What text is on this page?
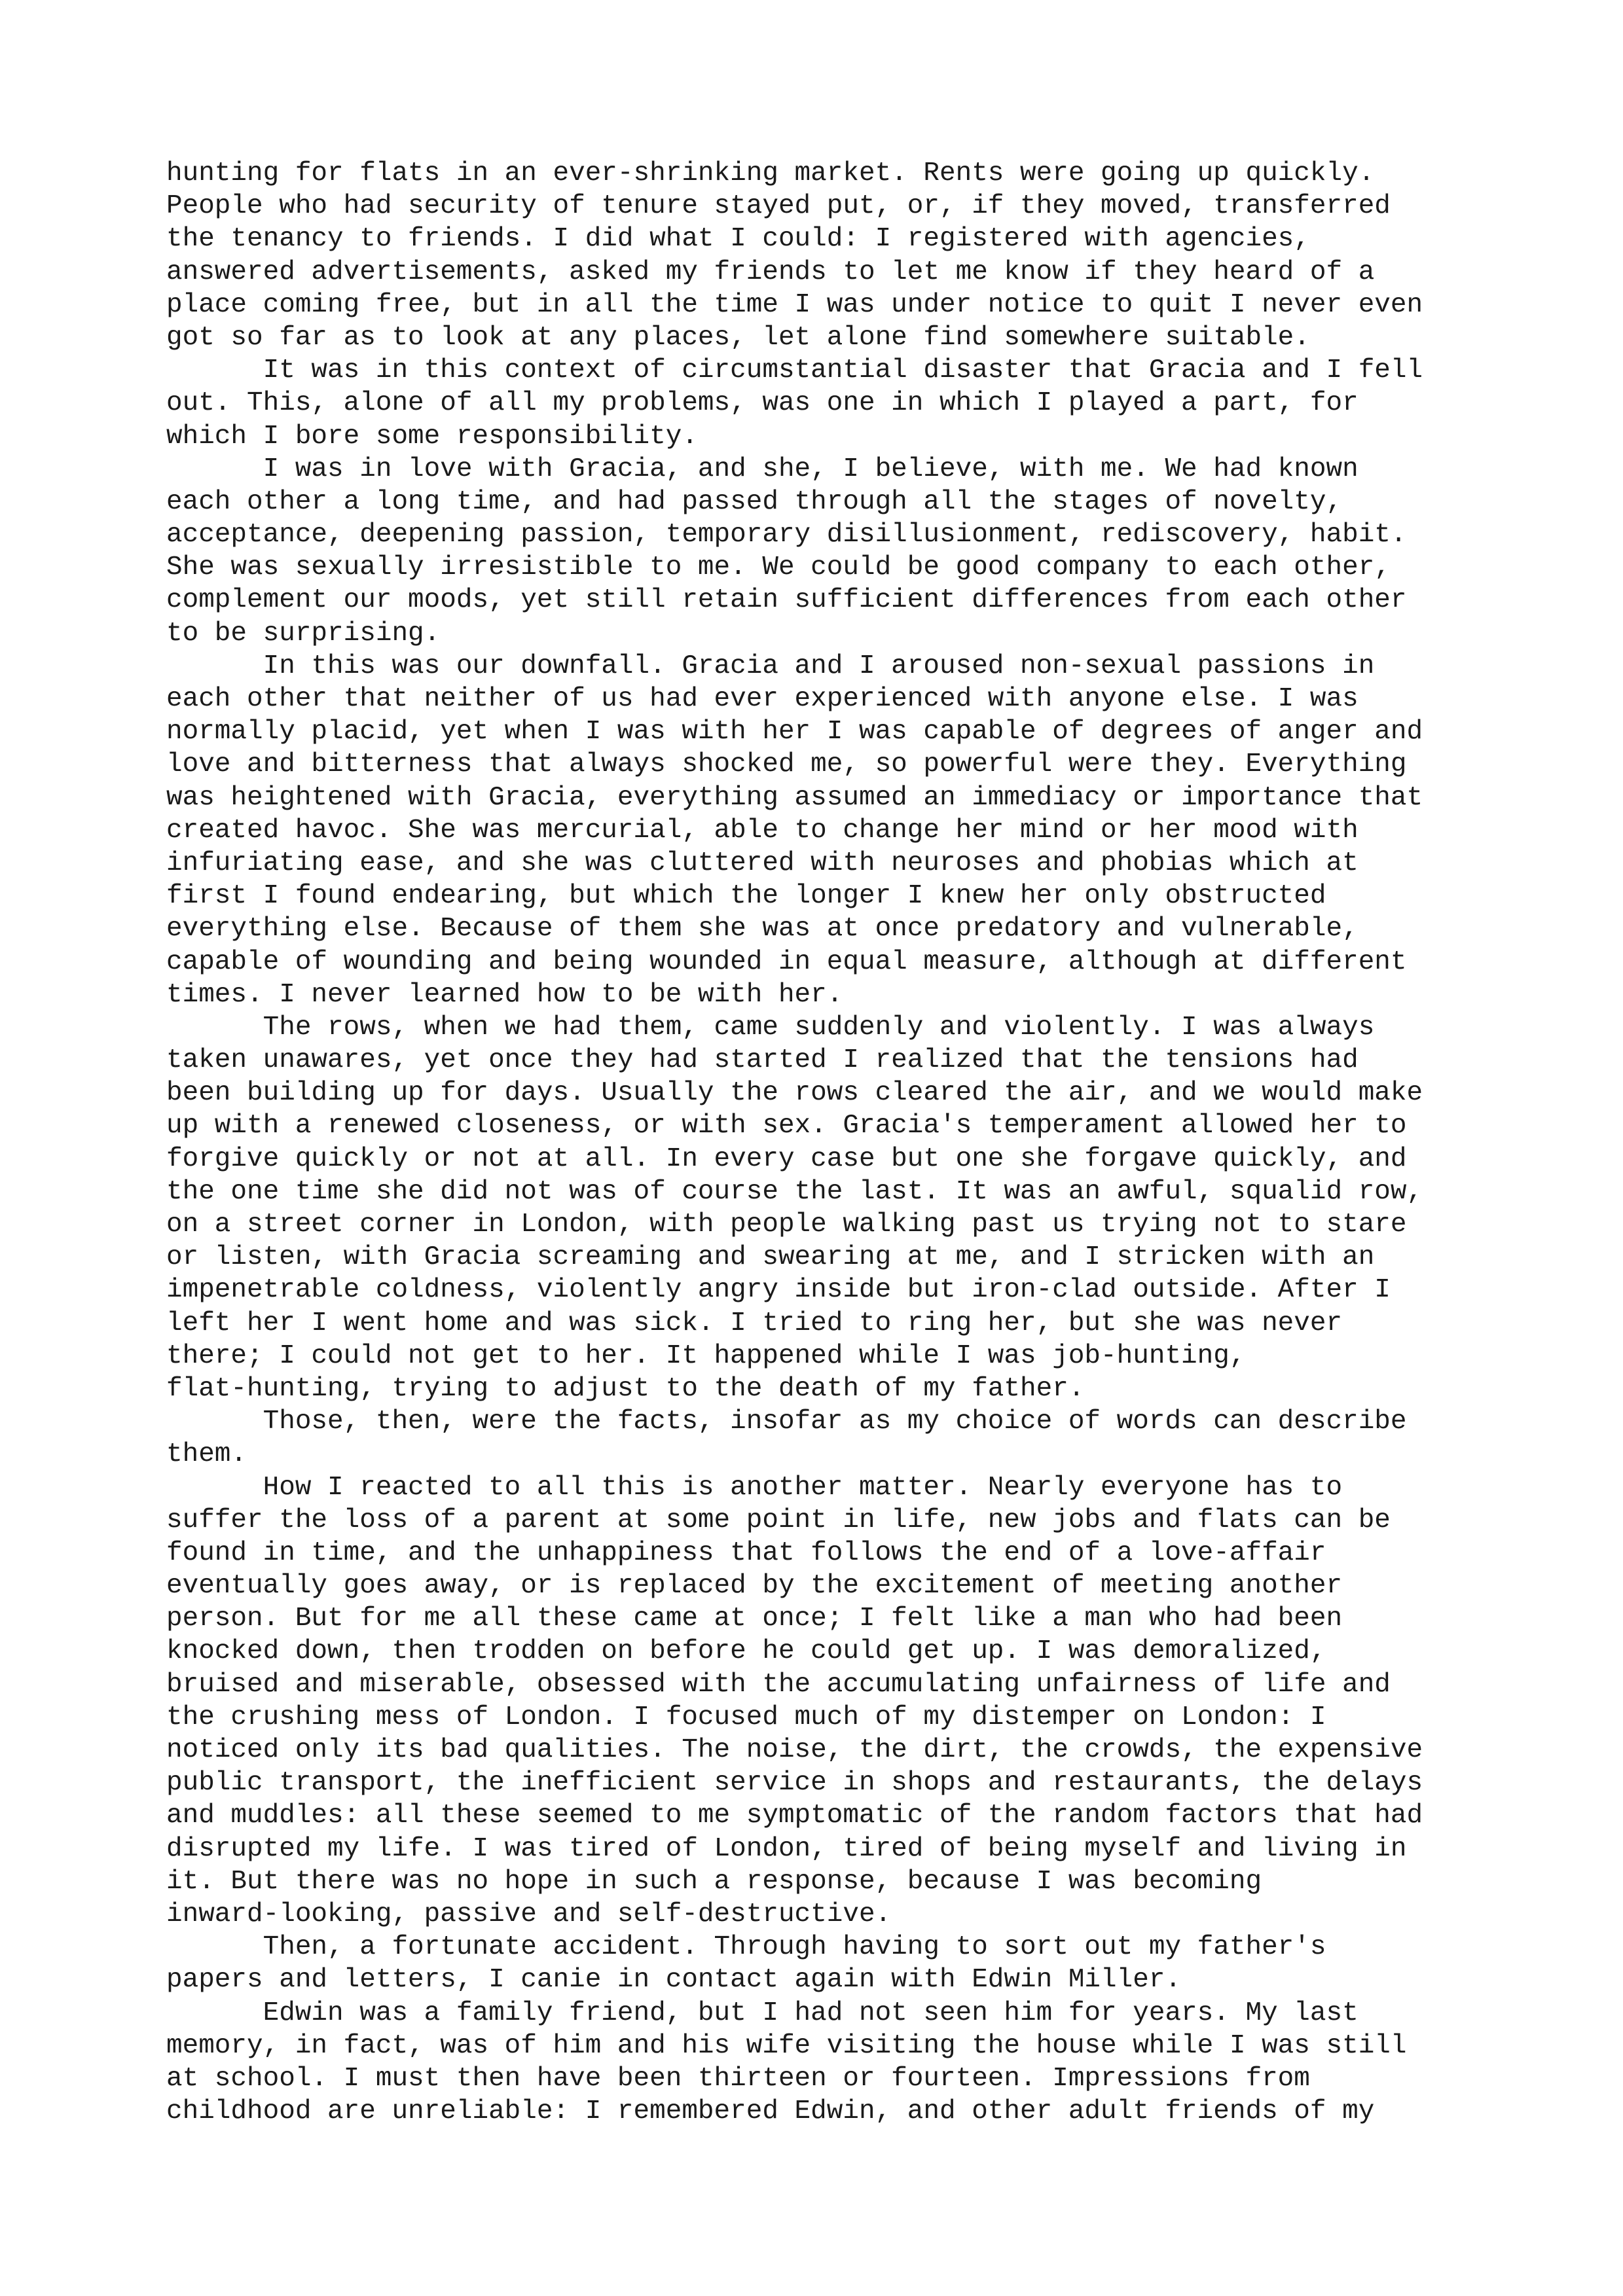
hunting for flats in an ever-shrinking market. Rents were going up quickly.
People who had security of tenure stayed put, or, if they moved, transferred
the tenancy to friends. I did what I could: I registered with agencies,
answered advertisements, asked my friends to let me know if they heard of a
place coming free, but in all the time I was under notice to quit I never even
got so far as to look at any places, let alone find somewhere suitable.
It was in this context of circumstantial disaster that Gracia and I fell
out. This, alone of all my problems, was one in which I played a part, for
which I bore some responsibility.
I was in love with Gracia, and she, I believe, with me. We had known
each other a long time, and had passed through all the stages of novelty,
acceptance, deepening passion, temporary disillusionment, rediscovery, habit.
She was sexually irresistible to me. We could be good company to each other,
complement our moods, yet still retain sufficient differences from each other
to be surprising.
In this was our downfall. Gracia and I aroused non-sexual passions in
each other that neither of us had ever experienced with anyone else. I was
normally placid, yet when I was with her I was capable of degrees of anger and
love and bitterness that always shocked me, so powerful were they. Everything
was heightened with Gracia, everything assumed an immediacy or importance that
created havoc. She was mercurial, able to change her mind or her mood with
infuriating ease, and she was cluttered with neuroses and phobias which at
first I found endearing, but which the longer I knew her only obstructed
everything else. Because of them she was at once predatory and vulnerable,
capable of wounding and being wounded in equal measure, although at different
times. I never learned how to be with her.
The rows, when we had them, came suddenly and violently. I was always
taken unawares, yet once they had started I realized that the tensions had
been building up for days. Usually the rows cleared the air, and we would make
up with a renewed closeness, or with sex. Gracia's temperament allowed her to
forgive quickly or not at all. In every case but one she forgave quickly, and
the one time she did not was of course the last. It was an awful, squalid row,
on a street corner in London, with people walking past us trying not to stare
or listen, with Gracia screaming and swearing at me, and I stricken with an
impenetrable coldness, violently angry inside but iron-clad outside. After I
left her I went home and was sick. I tried to ring her, but she was never
there; I could not get to her. It happened while I was job-hunting,
flat-hunting, trying to adjust to the death of my father.
Those, then, were the facts, insofar as my choice of words can describe
them.
How I reacted to all this is another matter. Nearly everyone has to
suffer the loss of a parent at some point in life, new jobs and flats can be
found in time, and the unhappiness that follows the end of a love-affair
eventually goes away, or is replaced by the excitement of meeting another
person. But for me all these came at once; I felt like a man who had been
knocked down, then trodden on before he could get up. I was demoralized,
bruised and miserable, obsessed with the accumulating unfairness of life and
the crushing mess of London. I focused much of my distemper on London: I
noticed only its bad qualities. The noise, the dirt, the crowds, the expensive
public transport, the inefficient service in shops and restaurants, the delays
and muddles: all these seemed to me symptomatic of the random factors that had
disrupted my life. I was tired of London, tired of being myself and living in
it. But there was no hope in such a response, because I was becoming
inward-looking, passive and self-destructive.
Then, a fortunate accident. Through having to sort out my father's
papers and letters, I canie in contact again with Edwin Miller.
Edwin was a family friend, but I had not seen him for years. My last
memory, in fact, was of him and his wife visiting the house while I was still
at school. I must then have been thirteen or fourteen. Impressions from
childhood are unreliable: I remembered Edwin, and other adult friends of my
